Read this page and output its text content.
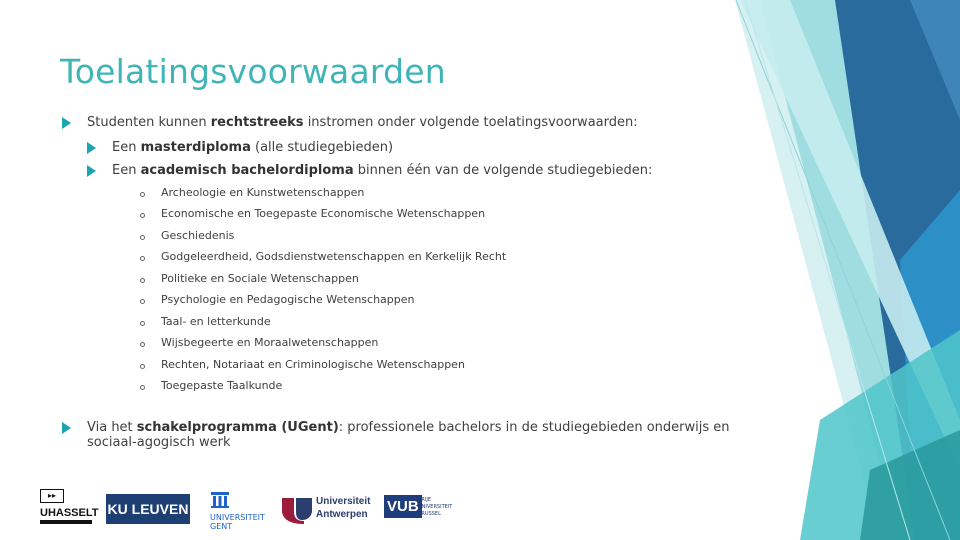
Toelatingsvoorwaarden
Studenten kunnen rechtstreeks instromen onder volgende toelatingsvoorwaarden:
Een masterdiploma (alle studiegebieden)
Een academisch bachelordiploma binnen één van de volgende studiegebieden:
Archeologie en Kunstwetenschappen
Economische en Toegepaste Economische Wetenschappen
Geschiedenis
Godgeleerdheid, Godsdienstwetenschappen en Kerkelijk Recht
Politieke en Sociale Wetenschappen
Psychologie en Pedagogische Wetenschappen
Taal- en letterkunde
Wijsbegeerte en Moraalwetenschappen
Rechten, Notariaat en Criminologische Wetenschappen
Toegepaste Taalkunde
Via het schakelprogramma (UGent): professionele bachelors in de studiegebieden onderwijs en
sociaal-agogisch werk
▸▸
UHASSELT KU LEUVEN
UNIVERSITEIT
GENT
Universiteit
Antwerpen VUB VRIJE
UNIVERSITEIT
BRUSSEL
